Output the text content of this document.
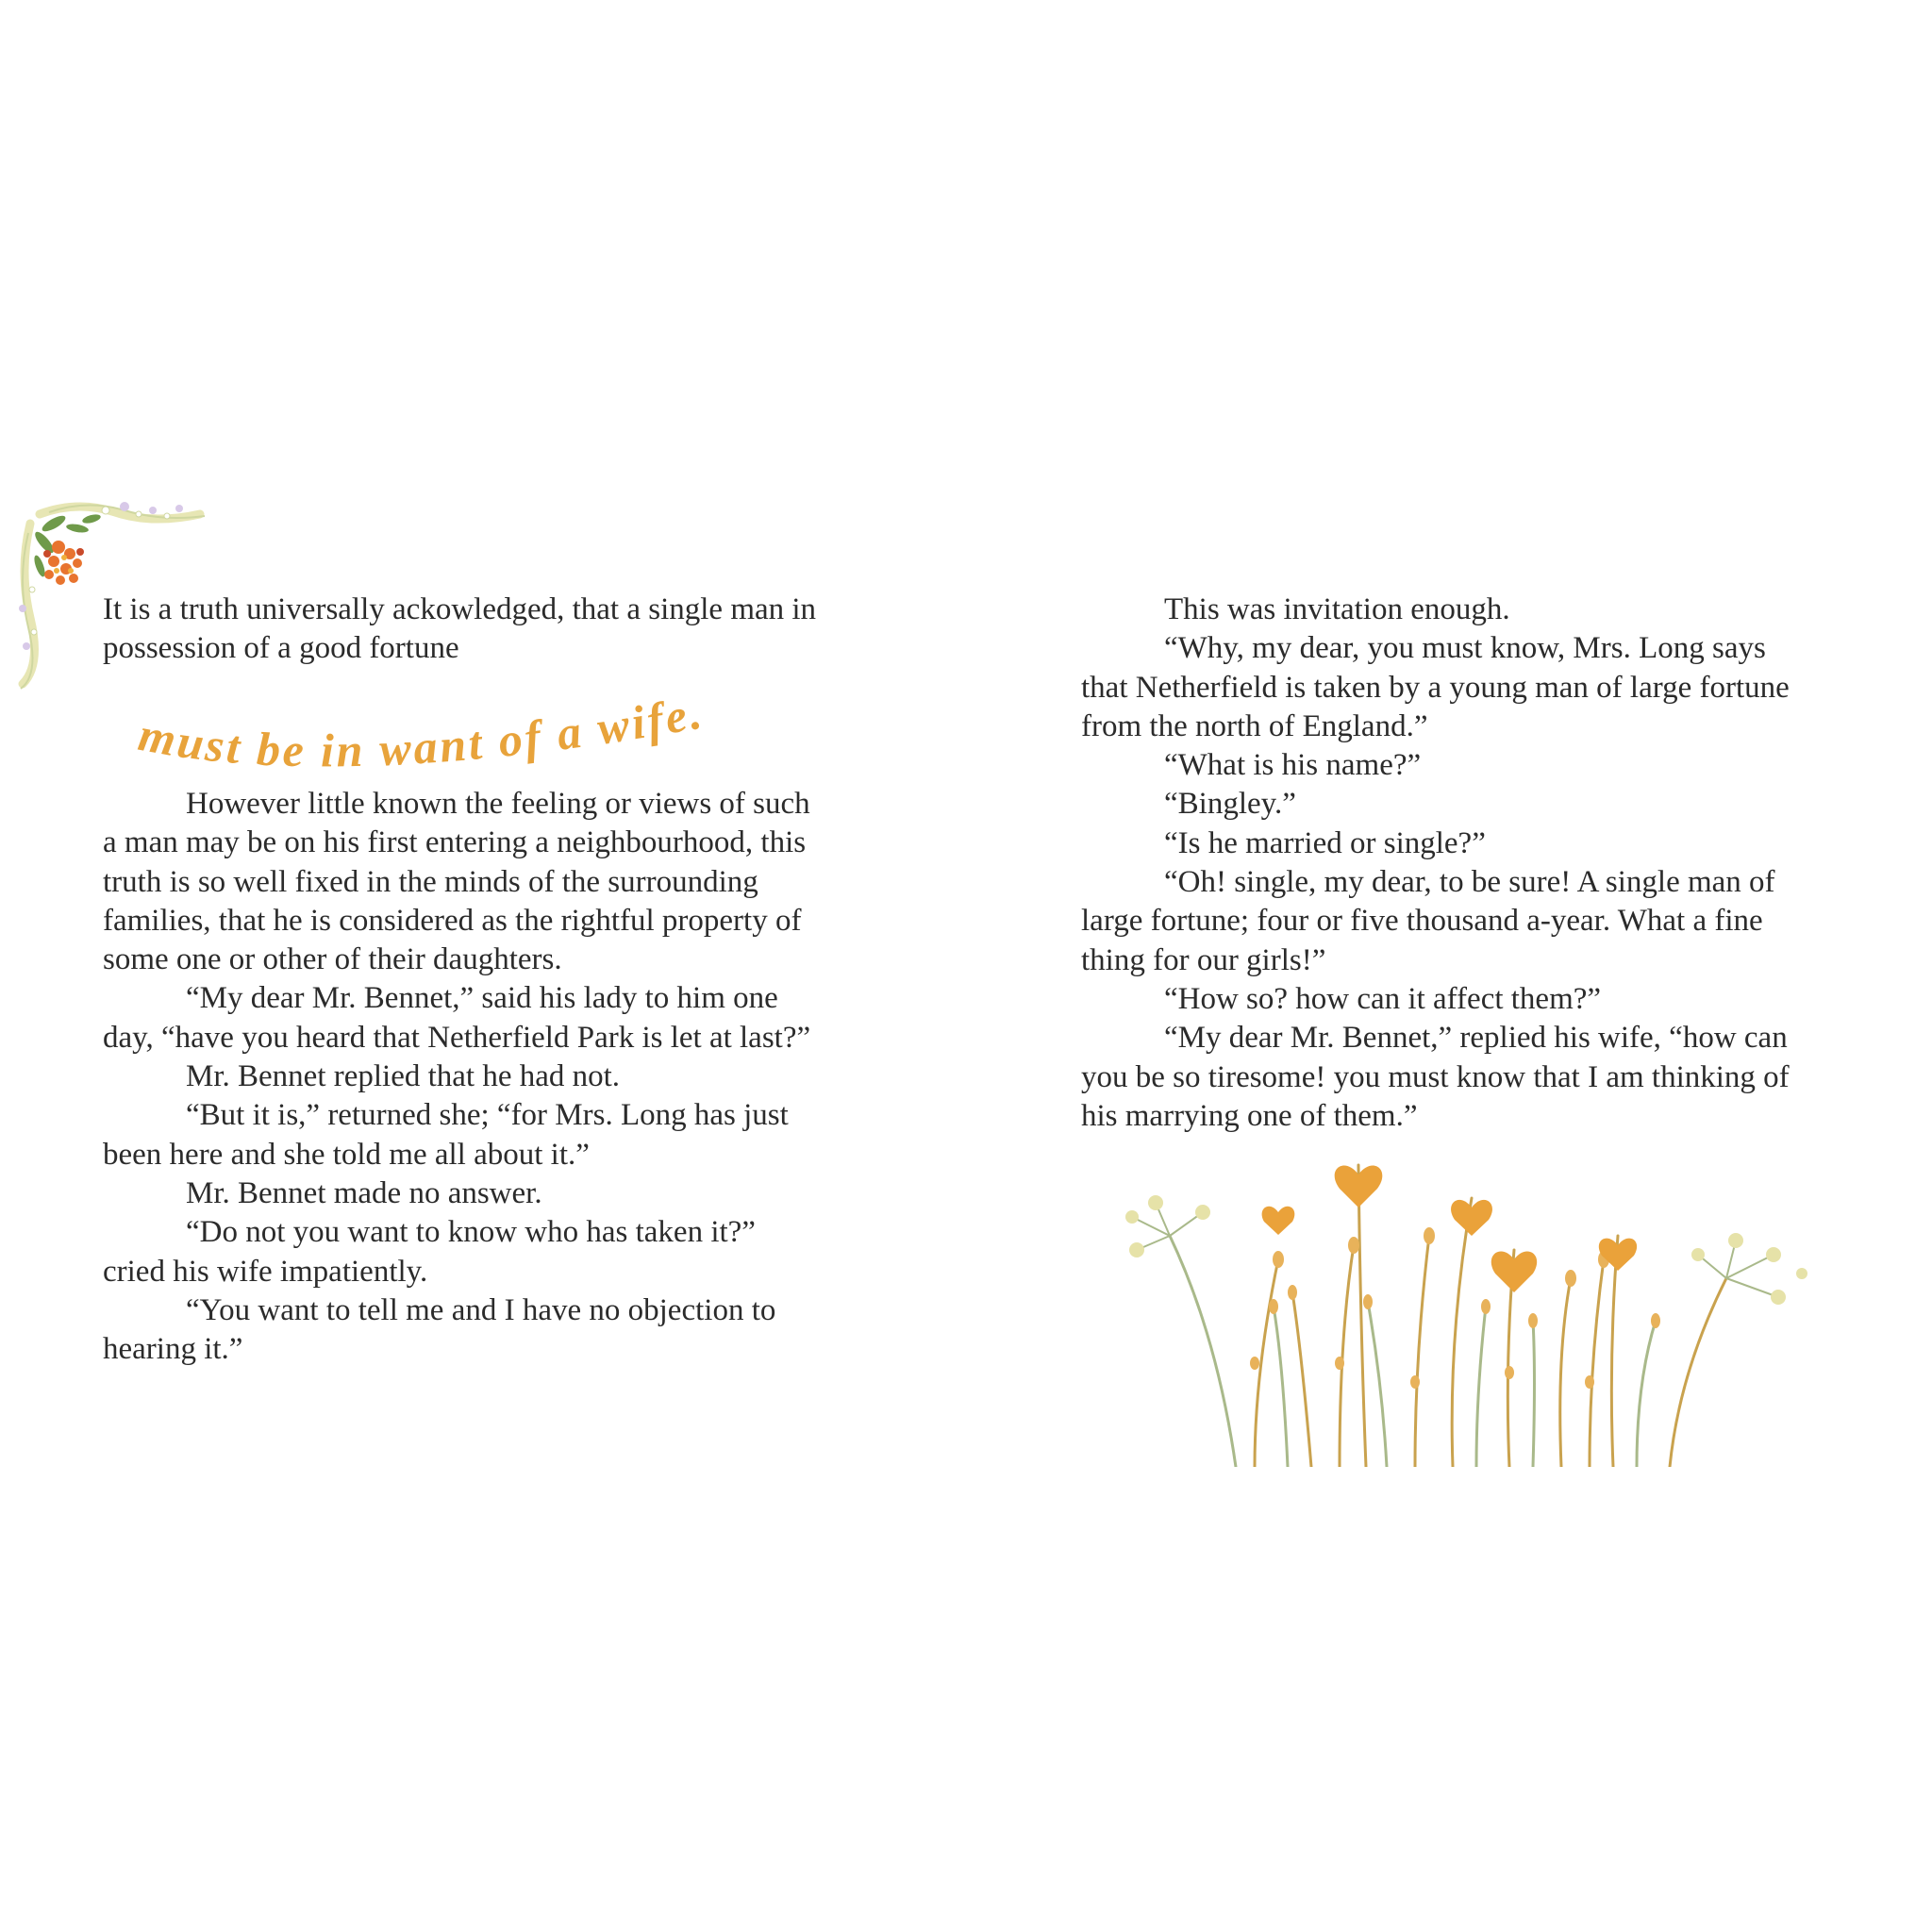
It is a truth universally ackowledged, that a single man in

possession of a good fortune

must be in want of a wife.

However little known the feeling or views of such

a man may be on his first entering a neighbourhood, this

truth is so well fixed in the minds of the surrounding

families, that he is considered as the rightful property of

some one or other of their daughters.

“My dear Mr. Bennet,” said his lady to him one

day, “have you heard that Netherfield Park is let at last?”

Mr. Bennet replied that he had not.

“But it is,” returned she; “for Mrs. Long has just

been here and she told me all about it.”

Mr. Bennet made no answer.

“Do not you want to know who has taken it?”

cried his wife impatiently.

“You want to tell me and I have no objection to

hearing it.”

This was invitation enough.

“Why, my dear, you must know, Mrs. Long says

that Netherfield is taken by a young man of large fortune

from the north of England.”

“What is his name?”

“Bingley.”

“Is he married or single?”

“Oh! single, my dear, to be sure! A single man of

large fortune; four or five thousand a-year. What a fine

thing for our girls!”

“How so? how can it affect them?”

“My dear Mr. Bennet,” replied his wife, “how can

you be so tiresome! you must know that I am thinking of

his marrying one of them.”
